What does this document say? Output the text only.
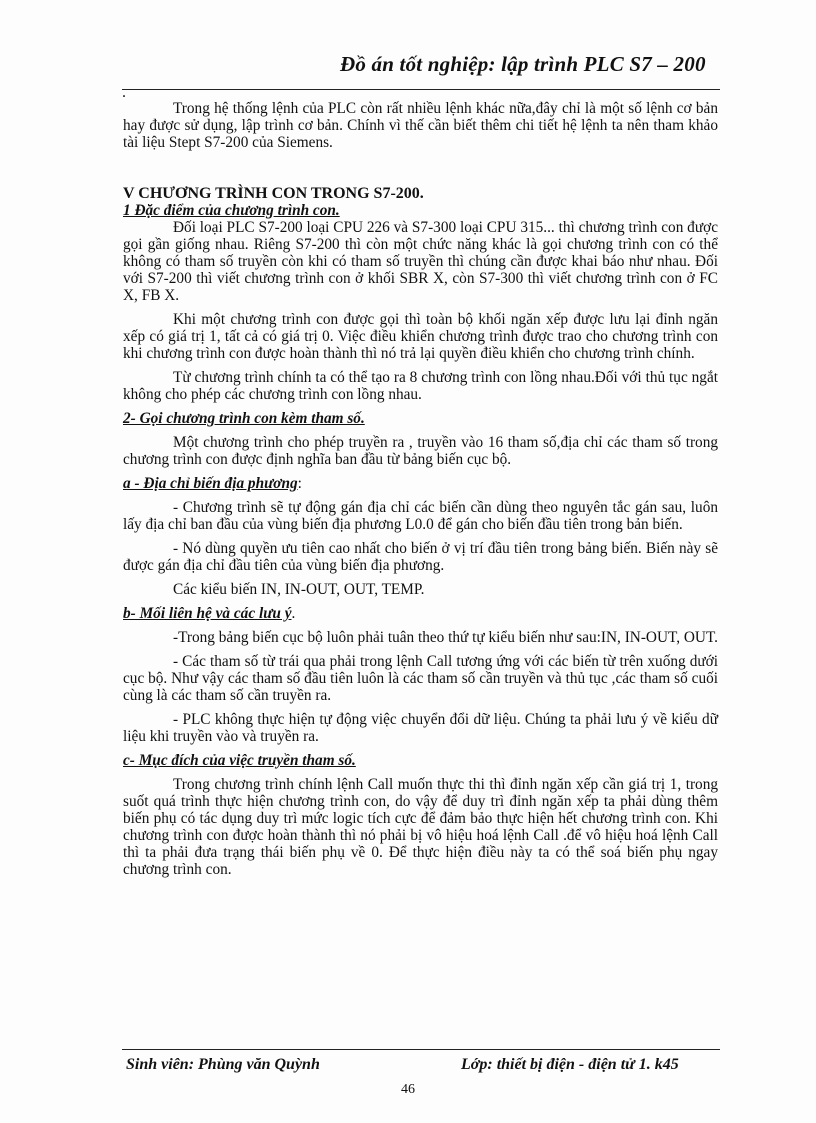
Đồ án tốt nghiệp: lập trình PLC S7 – 200
.

Trong hệ thống lệnh của PLC còn rất nhiều lệnh khác nữa,đây chỉ là một số lệnh cơ bản hay được sử dụng, lập trình cơ bản. Chính vì thế cần biết thêm chi tiết hệ lệnh ta nên tham khảo tài liệu Stept S7-200 của Siemens.

V CHƯƠNG TRÌNH CON TRONG S7-200.

1 Đặc điểm của chương trình con.

Đối loại PLC S7-200 loại CPU 226 và S7-300 loại CPU 315... thì chương trình con được gọi gần giống nhau. Riêng S7-200 thì còn một chức năng khác là gọi chương trình con có thể không có tham số truyền còn khi có tham số truyền thì chúng cần được khai báo như nhau. Đối với S7-200 thì viết chương trình con ở khối SBR X, còn S7-300 thì viết chương trình con ở FC X, FB X.

Khi một chương trình con được gọi thì toàn bộ khối ngăn xếp được lưu lại đỉnh ngăn xếp có giá trị 1, tất cả có giá trị 0. Việc điều khiển chương trình được trao cho chương trình con khi chương trình con được hoàn thành thì nó trả lại quyền điều khiển cho chương trình chính.

Từ chương trình chính ta có thể tạo ra 8 chương trình con lồng nhau.Đối với thủ tục ngắt không cho phép các chương trình con lồng nhau.

2- Gọi chương trình con kèm tham số.

Một chương trình cho phép truyền ra , truyền vào 16 tham số,địa chỉ các tham số trong chương trình con được định nghĩa ban đầu từ bảng biến cục bộ.

a - Địa chỉ biến địa phương:

- Chương trình sẽ tự động gán địa chỉ các biến cần dùng theo nguyên tắc gán sau, luôn lấy địa chỉ ban đầu của vùng biến địa phương L0.0 để gán cho biến đầu tiên trong bản biến.

- Nó dùng quyền ưu tiên cao nhất cho biến ở vị trí đầu tiên trong bảng biến. Biến này sẽ được gán địa chỉ đầu tiên của vùng biến địa phương.

Các kiểu biến IN, IN-OUT, OUT, TEMP.

b- Mối liên hệ và các lưu ý.

-Trong bảng biến cục bộ luôn phải tuân theo thứ tự kiểu biến như sau:IN, IN-OUT, OUT.

- Các tham số từ trái qua phải trong lệnh Call tương ứng với các biến từ trên xuống dưới cục bộ. Như vậy các tham số đầu tiên luôn là các tham số cần truyền và thủ tục ,các tham số cuối cùng là các tham số cần truyền ra.

- PLC không thực hiện tự động việc chuyển đổi dữ liệu. Chúng ta phải lưu ý về kiểu dữ liệu khi truyền vào và truyền ra.

c- Mục đích của việc truyền tham số.

Trong chương trình chính lệnh Call muốn thực thi thì đỉnh ngăn xếp cần giá trị 1, trong suốt quá trình thực hiện chương trình con, do vậy để duy trì đỉnh ngăn xếp ta phải dùng thêm biến phụ có tác dụng duy trì mức logic tích cực để đảm bảo thực hiện hết chương trình con. Khi chương trình con được hoàn thành thì nó phải bị vô hiệu hoá lệnh Call .để vô hiệu hoá lệnh Call thì ta phải đưa trạng thái biến phụ về 0. Để thực hiện điều này ta có thể soá biến phụ ngay chương trình con.

Sinh viên: Phùng văn Quỳnh	Lớp: thiết bị điện - điện tử 1. k45
46
